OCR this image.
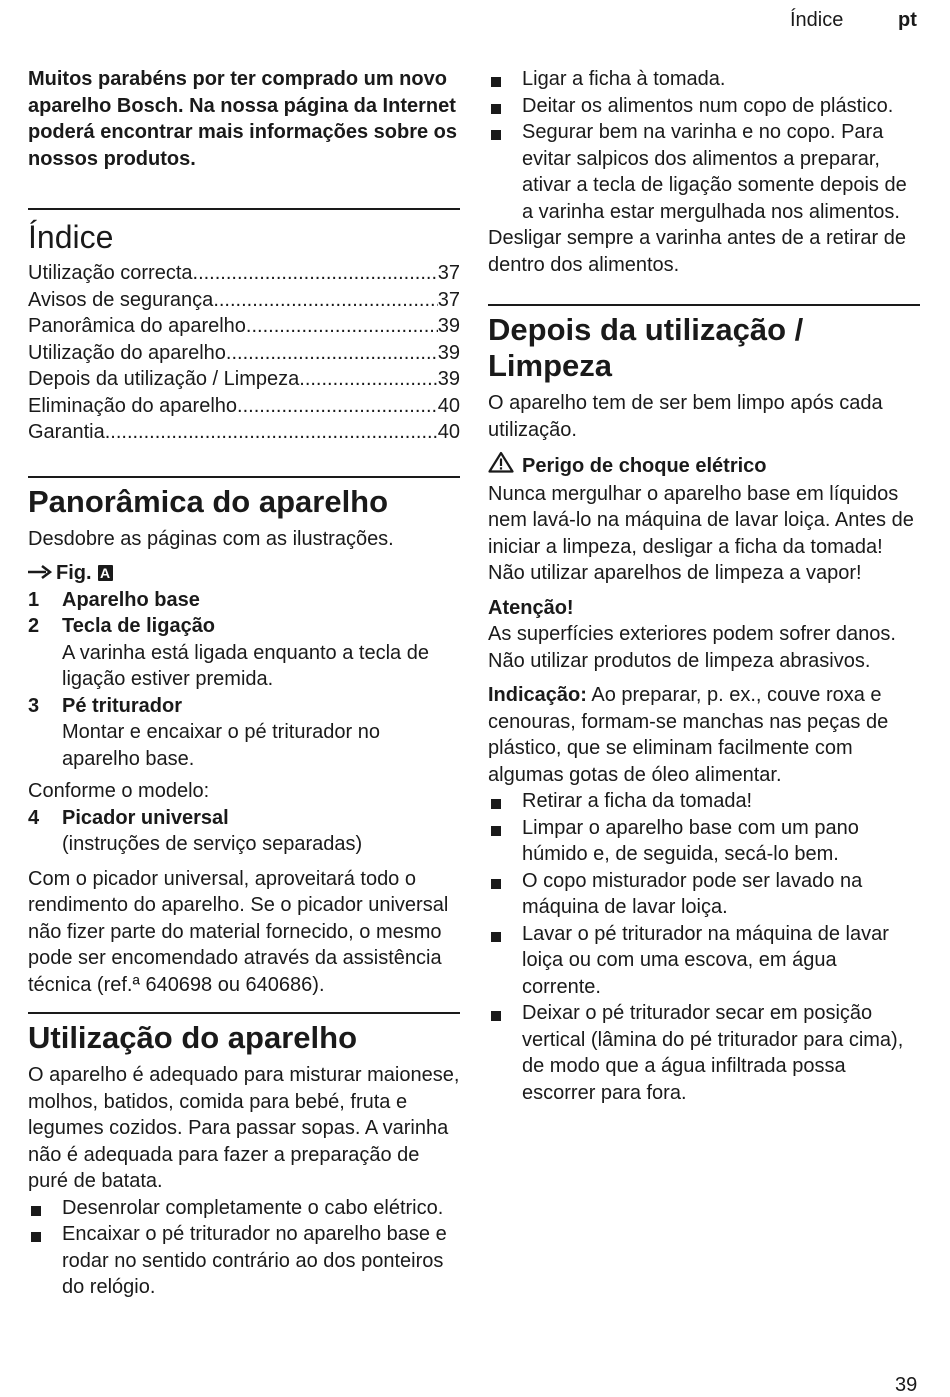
Índice	pt

Muitos parabéns por ter comprado um novo aparelho Bosch. Na nossa página da Internet poderá encontrar mais informações sobre os nossos produtos.

Índice
Utilização correcta .....	37
Avisos de segurança .....	37
Panorâmica do aparelho .....	39
Utilização do aparelho .....	39
Depois da utilização / Limpeza .....	39
Eliminação do aparelho .....	40
Garantia .....	40
Panorâmica do aparelho

Desdobre as páginas com as ilustrações.

Fig. A
1	Aparelho base
2	Tecla de ligação
A varinha está ligada enquanto a tecla de ligação estiver premida.
3	Pé triturador
Montar e encaixar o pé triturador no aparelho base.

Conforme o modelo:

4	Picador universal
(instruções de serviço separadas)

Com o picador universal, aproveitará todo o rendimento do aparelho. Se o picador universal não fizer parte do material fornecido, o mesmo pode ser encomendado através da assistência técnica (ref.ª 640698 ou 640686).

Utilização do aparelho

O aparelho é adequado para misturar maionese, molhos, batidos, comida para bebé, fruta e legumes cozidos. Para passar sopas. A varinha não é adequada para fazer a preparação de puré de batata.

Desenrolar completamente o cabo elétrico.
Encaixar o pé triturador no aparelho base e rodar no sentido contrário ao dos ponteiros do relógio.
Ligar a ficha à tomada.
Deitar os alimentos num copo de plástico.
Segurar bem na varinha e no copo. Para evitar salpicos dos alimentos a preparar, ativar a tecla de ligação somente depois de a varinha estar mergulhada nos alimentos.

Desligar sempre a varinha antes de a retirar de dentro dos alimentos.

Depois da utilização / Limpeza

O aparelho tem de ser bem limpo após cada utilização.

Perigo de choque elétrico

Nunca mergulhar o aparelho base em líquidos nem lavá-lo na máquina de lavar loiça. Antes de iniciar a limpeza, desligar a ficha da tomada! Não utilizar aparelhos de limpeza a vapor!

Atenção!

As superfícies exteriores podem sofrer danos. Não utilizar produtos de limpeza abrasivos.

Indicação: Ao preparar, p. ex., couve roxa e cenouras, formam-se manchas nas peças de plástico, que se eliminam facilmente com algumas gotas de óleo alimentar.

Retirar a ficha da tomada!
Limpar o aparelho base com um pano húmido e, de seguida, secá-lo bem.
O copo misturador pode ser lavado na máquina de lavar loiça.
Lavar o pé triturador na máquina de lavar loiça ou com uma escova, em água corrente.
Deixar o pé triturador secar em posição vertical (lâmina do pé triturador para cima), de modo que a água infiltrada possa escorrer para fora.
39
